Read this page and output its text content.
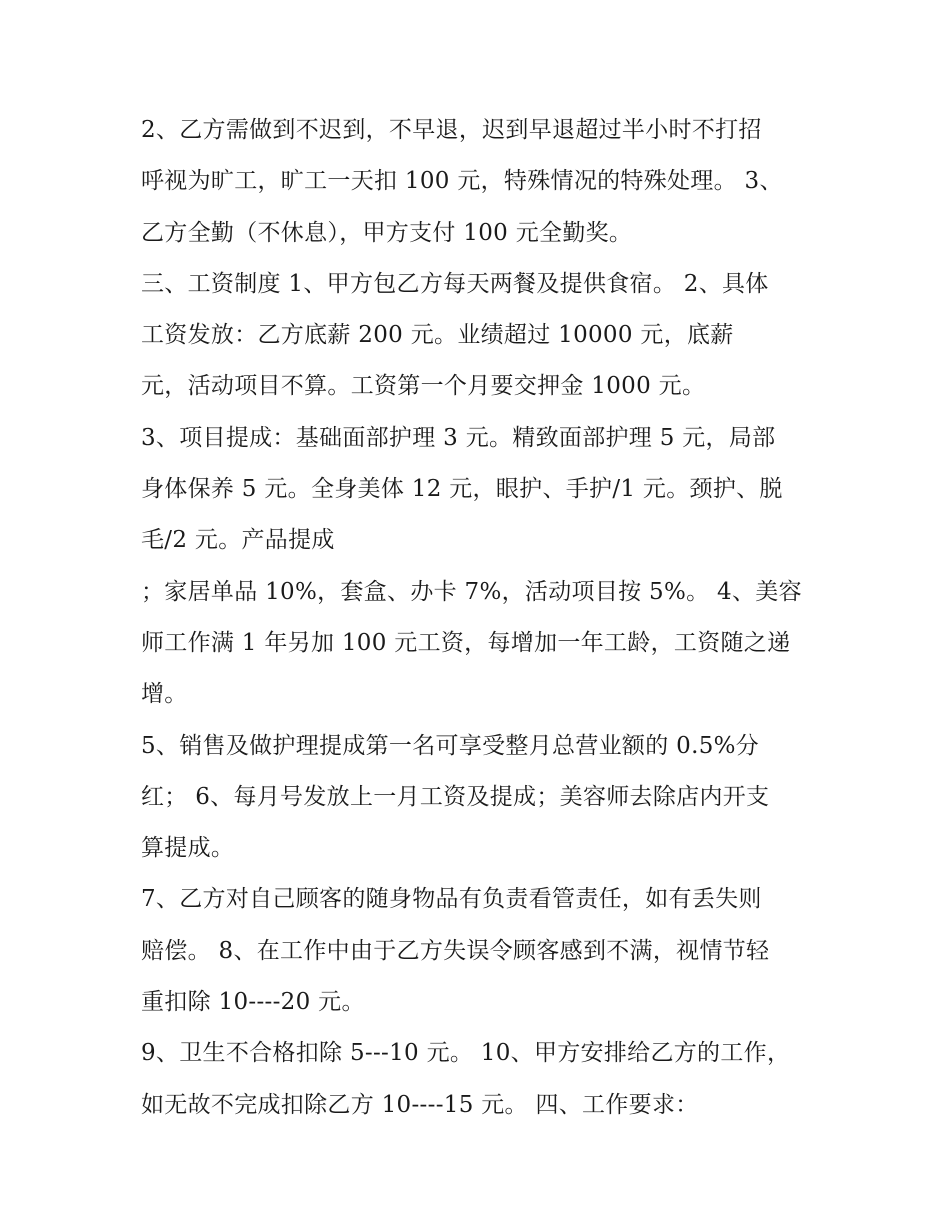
2、乙方需做到不迟到，不早退，迟到早退超过半小时不打招
呼视为旷工，旷工一天扣 100 元，特殊情况的特殊处理。 3、
乙方全勤（不休息），甲方支付 100 元全勤奖。
三、工资制度 1、甲方包乙方每天两餐及提供食宿。 2、具体
工资发放：乙方底薪 200 元。业绩超过 10000 元，底薪
元，活动项目不算。工资第一个月要交押金 1000 元。
3、项目提成：基础面部护理 3 元。精致面部护理 5 元，局部
身体保养 5 元。全身美体 12 元，眼护、手护/1 元。颈护、脱
毛/2 元。产品提成
；家居单品 10%，套盒、办卡 7%，活动项目按 5%。 4、美容
师工作满 1 年另加 100 元工资，每增加一年工龄，工资随之递
增。
5、销售及做护理提成第一名可享受整月总营业额的 0.5%分
红； 6、每月号发放上一月工资及提成；美容师去除店内开支
算提成。
7、乙方对自己顾客的随身物品有负责看管责任，如有丢失则
赔偿。 8、在工作中由于乙方失误令顾客感到不满，视情节轻
重扣除 10----20 元。
9、卫生不合格扣除 5---10 元。 10、甲方安排给乙方的工作，
如无故不完成扣除乙方 10----15 元。 四、工作要求：
